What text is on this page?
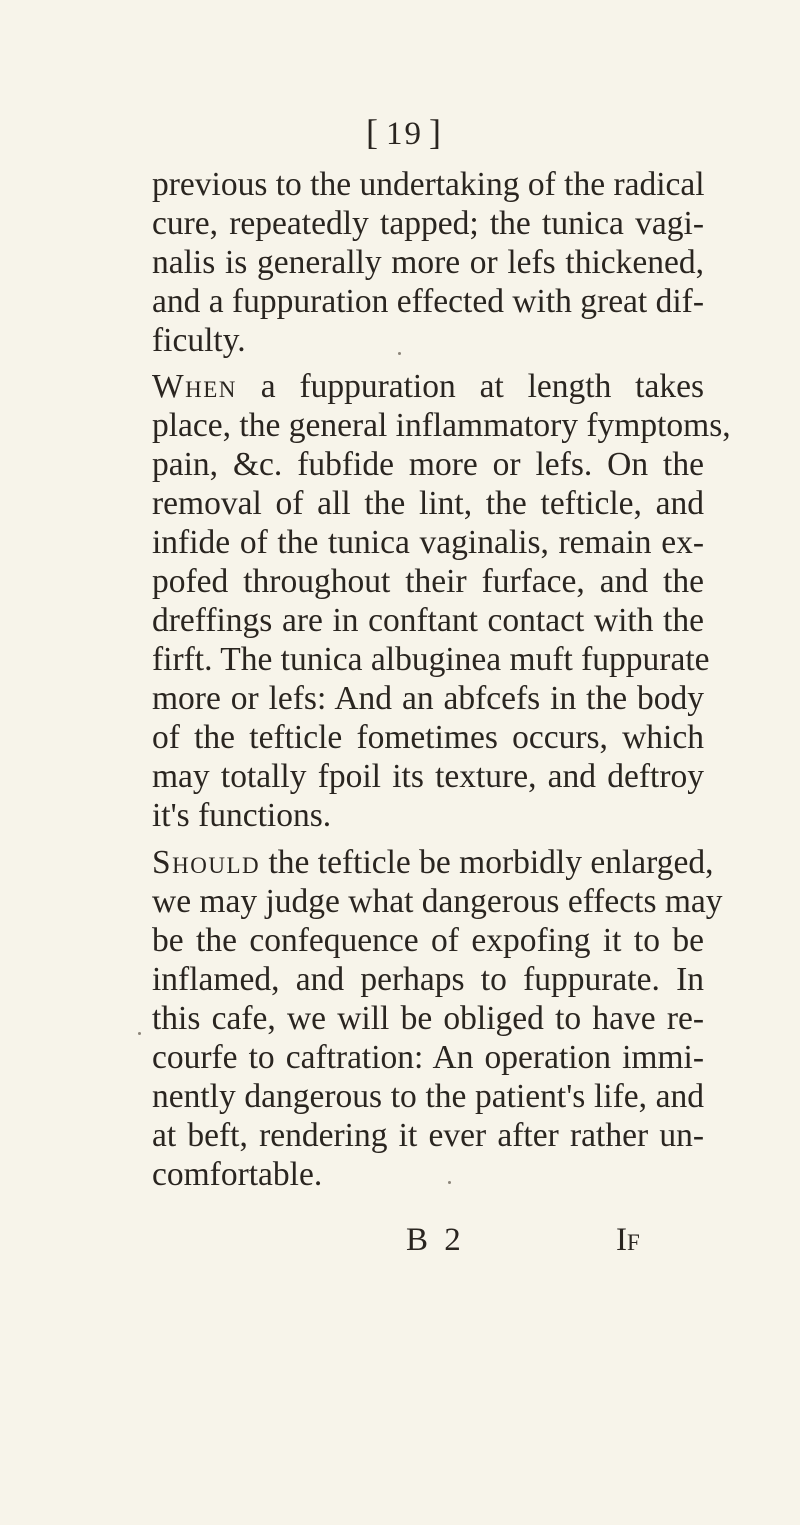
[ 19 ]
previous to the undertaking of the radical
cure, repeatedly tapped; the tunica vagi-
nalis is generally more or lefs thickened,
and a fuppuration effected with great dif-
ficulty.
When a fuppuration at length takes
place, the general inflammatory fymptoms,
pain, &c. fubfide more or lefs. On the
removal of all the lint, the tefticle, and
infide of the tunica vaginalis, remain ex-
pofed throughout their furface, and the
dreffings are in conftant contact with the
firft. The tunica albuginea muft fuppurate
more or lefs: And an abfcefs in the body
of the tefticle fometimes occurs, which
may totally fpoil its texture, and deftroy
it's functions.
Should the tefticle be morbidly enlarged,
we may judge what dangerous effects may
be the confequence of expofing it to be
inflamed, and perhaps to fuppurate. In
this cafe, we will be obliged to have re-
courfe to caftration: An operation immi-
nently dangerous to the patient's life, and
at beft, rendering it ever after rather un-
comfortable.
B 2	If
